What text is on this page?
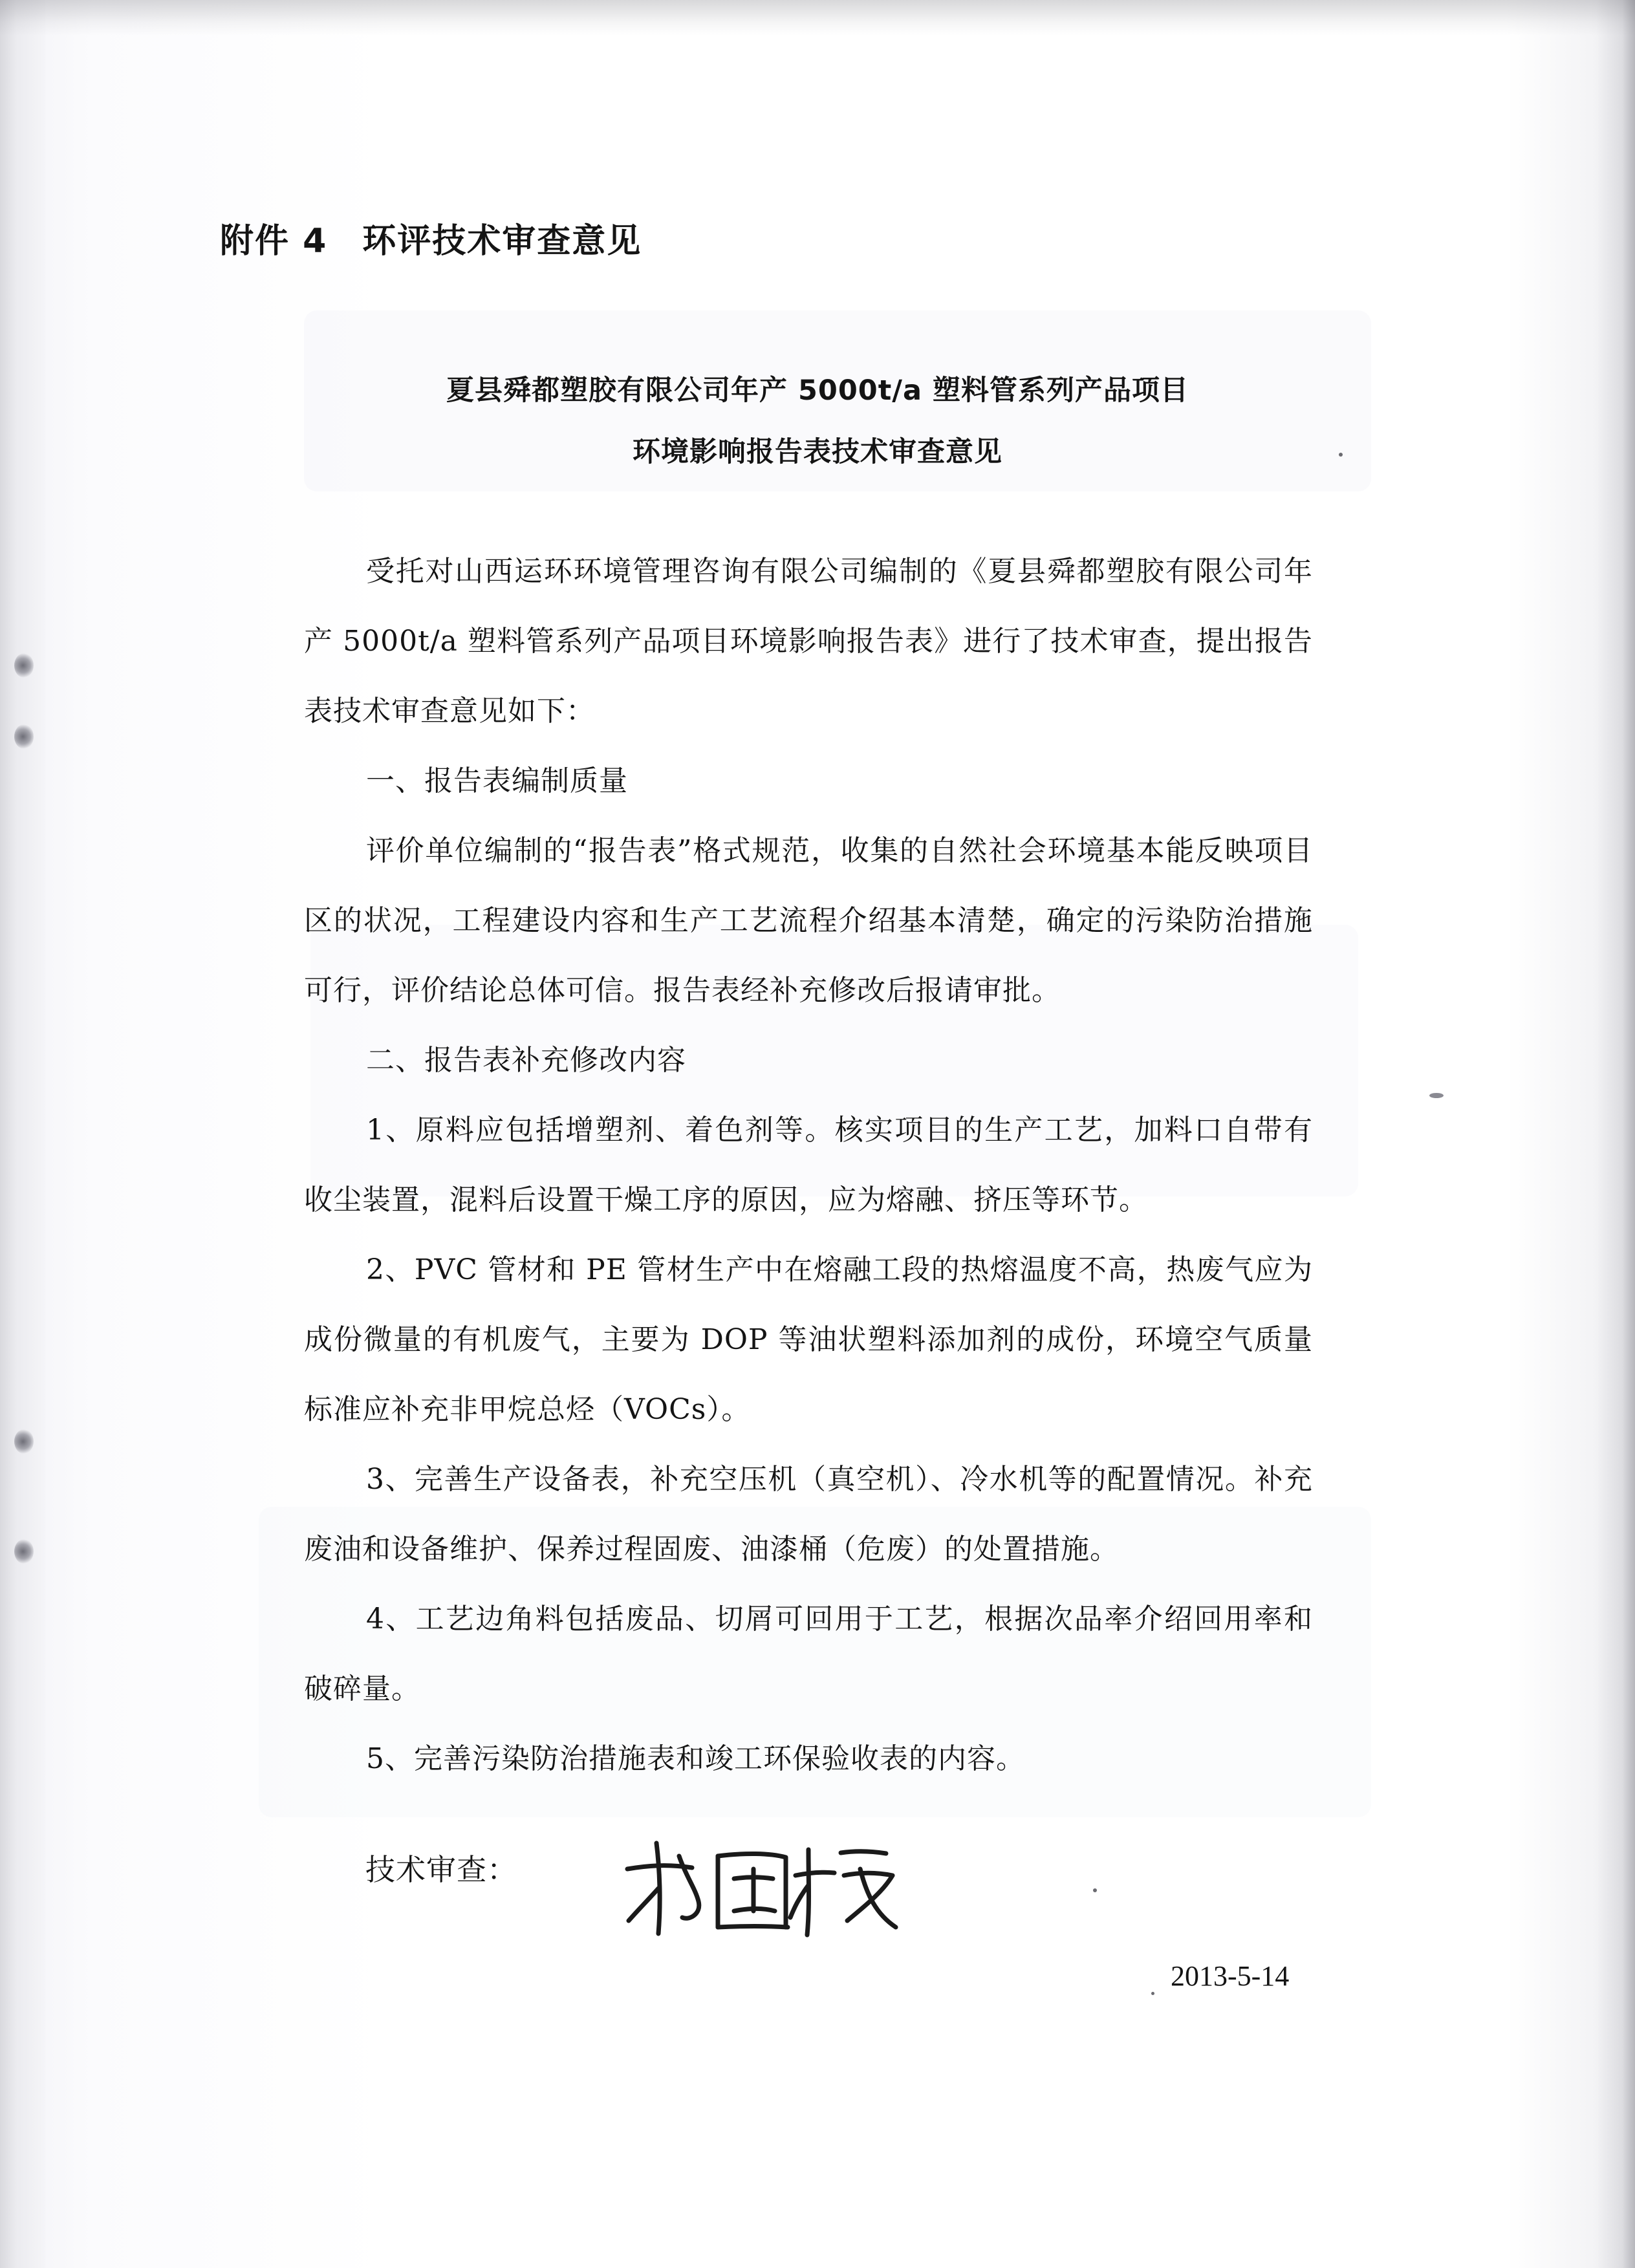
附件 4　环评技术审查意见
夏县舜都塑胶有限公司年产 5000t/a 塑料管系列产品项目
环境影响报告表技术审查意见

受托对山西运环环境管理咨询有限公司编制的《夏县舜都塑胶有限公司年产 5000t/a 塑料管系列产品项目环境影响报告表》进行了技术审查，提出报告表技术审查意见如下：

一、报告表编制质量

评价单位编制的“报告表”格式规范，收集的自然社会环境基本能反映项目区的状况，工程建设内容和生产工艺流程介绍基本清楚，确定的污染防治措施可行，评价结论总体可信。报告表经补充修改后报请审批。

二、报告表补充修改内容

1、原料应包括增塑剂、着色剂等。核实项目的生产工艺，加料口自带有收尘装置，混料后设置干燥工序的原因，应为熔融、挤压等环节。

2、PVC 管材和 PE 管材生产中在熔融工段的热熔温度不高，热废气应为成份微量的有机废气，主要为 DOP 等油状塑料添加剂的成份，环境空气质量标准应补充非甲烷总烃（VOCs）。

3、完善生产设备表，补充空压机（真空机）、冷水机等的配置情况。补充废油和设备维护、保养过程固废、油漆桶（危废）的处置措施。

4、工艺边角料包括废品、切屑可回用于工艺，根据次品率介绍回用率和破碎量。

5、完善污染防治措施表和竣工环保验收表的内容。

技术审查：
2013-5-14
